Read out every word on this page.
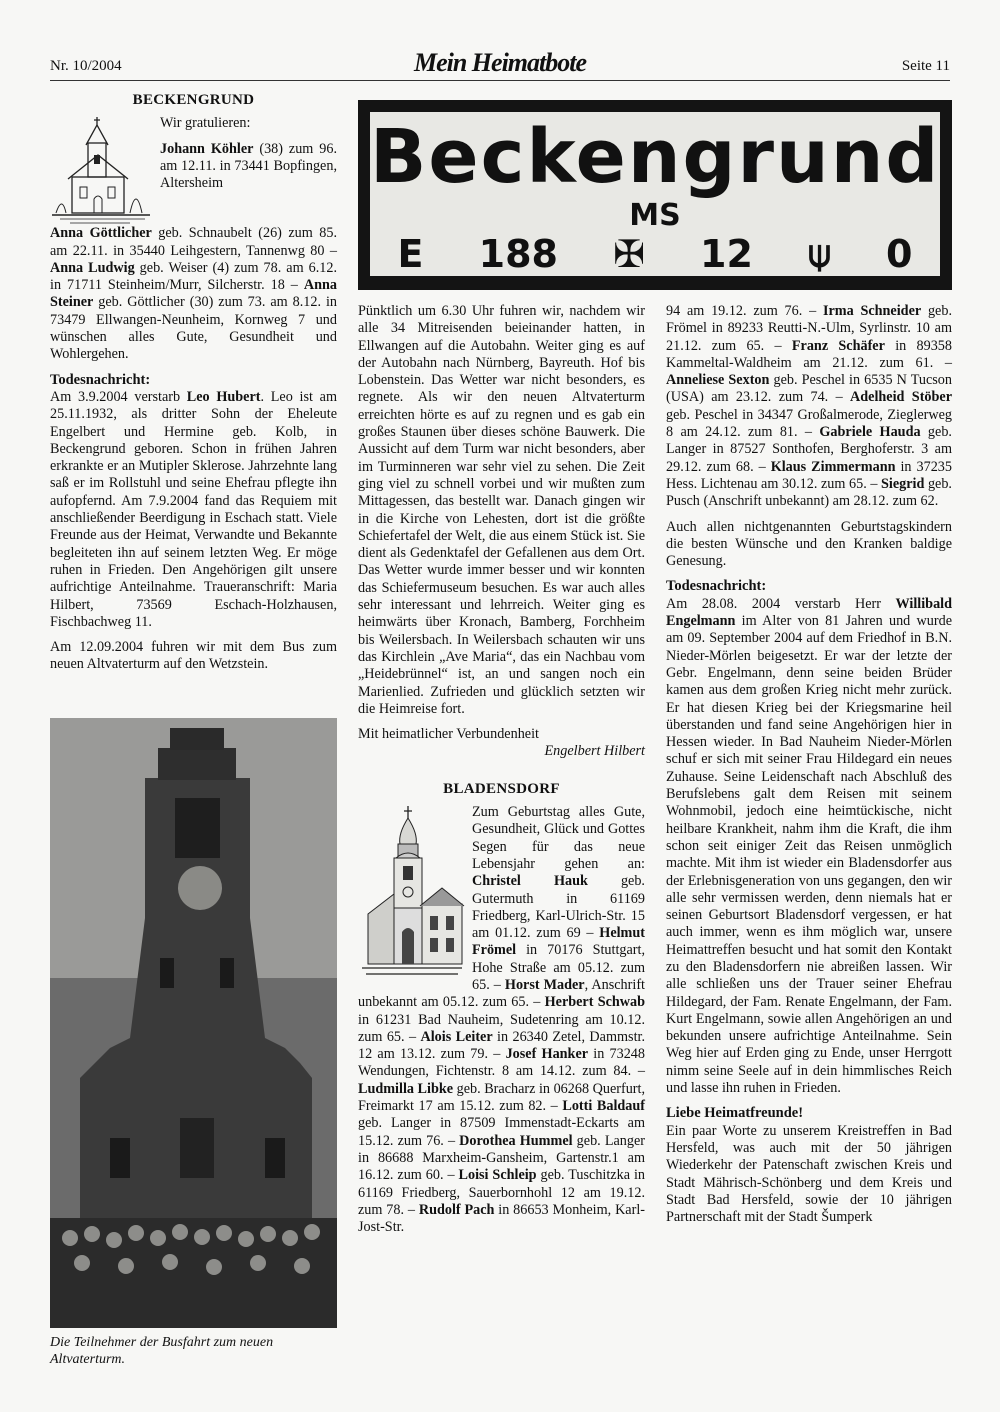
Nr. 10/2004	Mein Heimatbote	Seite 11
BECKENGRUND

Wir gratulieren:

Johann Köhler (38) zum 96. am 12.11. in 73441 Bopfingen, Altersheim

Anna Göttlicher geb. Schnaubelt (26) zum 85. am 22.11. in 35440 Leihgestern, Tannenwg 80 – Anna Ludwig geb. Weiser (4) zum 78. am 6.12. in 71711 Steinheim/Murr, Silcherstr. 18 – Anna Steiner geb. Göttlicher (30) zum 73. am 8.12. in 73479 Ellwangen-Neunheim, Kornweg 7 und wünschen alles Gute, Gesundheit und Wohlergehen.

Todesnachricht:

Am 3.9.2004 verstarb Leo Hubert. Leo ist am 25.11.1932, als dritter Sohn der Eheleute Engelbert und Hermine geb. Kolb, in Beckengrund geboren. Schon in frühen Jahren erkrankte er an Mutipler Sklerose. Jahrzehnte lang saß er im Rollstuhl und seine Ehefrau pflegte ihn aufopfernd. Am 7.9.2004 fand das Requiem mit anschließender Beerdigung in Eschach statt. Viele Freunde aus der Heimat, Verwandte und Bekannte begleiteten ihn auf seinem letzten Weg. Er möge ruhen in Frieden. Den Angehörigen gilt unsere aufrichtige Anteilnahme. Traueranschrift: Maria Hilbert, 73569 Eschach-Holzhausen, Fischbachweg 11.

Am 12.09.2004 fuhren wir mit dem Bus zum neuen Altvaterturm auf den Wetzstein.

Die Teilnehmer der Busfahrt zum neuen Altvaterturm.
Beckengrund
MS
E 188 ✠ 12 ⍦ 0

Pünktlich um 6.30 Uhr fuhren wir, nachdem wir alle 34 Mitreisenden beieinander hatten, in Ellwangen auf die Autobahn. Weiter ging es auf der Autobahn nach Nürnberg, Bayreuth. Hof bis Lobenstein. Das Wetter war nicht besonders, es regnete. Als wir den neuen Altvaterturm erreichten hörte es auf zu regnen und es gab ein großes Staunen über dieses schöne Bauwerk. Die Aussicht auf dem Turm war nicht besonders, aber im Turminneren war sehr viel zu sehen. Die Zeit ging viel zu schnell vorbei und wir mußten zum Mittagessen, das bestellt war. Danach gingen wir in die Kirche von Lehesten, dort ist die größte Schiefertafel der Welt, die aus einem Stück ist. Sie dient als Gedenktafel der Gefallenen aus dem Ort. Das Wetter wurde immer besser und wir konnten das Schiefermuseum besuchen. Es war auch alles sehr interessant und lehrreich. Weiter ging es heimwärts über Kronach, Bamberg, Forchheim bis Weilersbach. In Weilersbach schauten wir uns das Kirchlein „Ave Maria“, das ein Nachbau vom „Heidebrünnel“ ist, an und sangen noch ein Marienlied. Zufrieden und glücklich setzten wir die Heimreise fort.

Mit heimatlicher Verbundenheit

Engelbert Hilbert

BLADENSDORF

Zum Geburtstag alles Gute, Gesundheit, Glück und Gottes Segen für das neue Lebensjahr gehen an: Christel Hauk geb. Gutermuth in 61169 Friedberg, Karl-Ulrich-Str. 15 am 01.12. zum 69 – Helmut Frömel in 70176 Stuttgart, Hohe Straße am 05.12. zum 65. – Horst Mader, Anschrift unbekannt am 05.12. zum 65. – Herbert Schwab in 61231 Bad Nauheim, Sudetenring am 10.12. zum 65. – Alois Leiter in 26340 Zetel, Dammstr. 12 am 13.12. zum 79. – Josef Hanker in 73248 Wendungen, Fichtenstr. 8 am 14.12. zum 84. – Ludmilla Libke geb. Bracharz in 06268 Querfurt, Freimarkt 17 am 15.12. zum 82. – Lotti Baldauf geb. Langer in 87509 Immenstadt-Eckarts am 15.12. zum 76. – Dorothea Hummel geb. Langer in 86688 Marxheim-Gansheim, Gartenstr.1 am 16.12. zum 60. – Loisi Schleip geb. Tuschitzka in 61169 Friedberg, Sauerbornhohl 12 am 19.12. zum 78. – Rudolf Pach in 86653 Monheim, Karl-Jost-Str.

94 am 19.12. zum 76. – Irma Schneider geb. Frömel in 89233 Reutti-N.-Ulm, Syrlinstr. 10 am 21.12. zum 65. – Franz Schäfer in 89358 Kammeltal-Waldheim am 21.12. zum 61. – Anneliese Sexton geb. Peschel in 6535 N Tucson (USA) am 23.12. zum 74. – Adelheid Stöber geb. Peschel in 34347 Großalmerode, Zieglerweg 8 am 24.12. zum 81. – Gabriele Hauda geb. Langer in 87527 Sonthofen, Berghoferstr. 3 am 29.12. zum 68. – Klaus Zimmermann in 37235 Hess. Lichtenau am 30.12. zum 65. – Siegrid geb. Pusch (Anschrift unbekannt) am 28.12. zum 62.

Auch allen nichtgenannten Geburtstagskindern die besten Wünsche und den Kranken baldige Genesung.

Todesnachricht:

Am 28.08. 2004 verstarb Herr Willibald Engelmann im Alter von 81 Jahren und wurde am 09. September 2004 auf dem Friedhof in B.N. Nieder-Mörlen beigesetzt. Er war der letzte der Gebr. Engelmann, denn seine beiden Brüder kamen aus dem großen Krieg nicht mehr zurück. Er hat diesen Krieg bei der Kriegsmarine heil überstanden und fand seine Angehörigen hier in Hessen wieder. In Bad Nauheim Nieder-Mörlen schuf er sich mit seiner Frau Hildegard ein neues Zuhause. Seine Leidenschaft nach Abschluß des Berufslebens galt dem Reisen mit seinem Wohnmobil, jedoch eine heimtückische, nicht heilbare Krankheit, nahm ihm die Kraft, die ihm schon seit einiger Zeit das Reisen unmöglich machte. Mit ihm ist wieder ein Bladensdorfer aus der Erlebnisgeneration von uns gegangen, den wir alle sehr vermissen werden, denn niemals hat er seinen Geburtsort Bladensdorf vergessen, er hat auch immer, wenn es ihm möglich war, unsere Heimattreffen besucht und hat somit den Kontakt zu den Bladensdorfern nie abreißen lassen. Wir alle schließen uns der Trauer seiner Ehefrau Hildegard, der Fam. Renate Engelmann, der Fam. Kurt Engelmann, sowie allen Angehörigen an und bekunden unsere aufrichtige Anteilnahme. Sein Weg hier auf Erden ging zu Ende, unser Herrgott nimm seine Seele auf in dein himmlisches Reich und lasse ihn ruhen in Frieden.

Liebe Heimatfreunde!

Ein paar Worte zu unserem Kreistreffen in Bad Hersfeld, was auch mit der 50 jährigen Wiederkehr der Patenschaft zwischen Kreis und Stadt Mährisch-Schönberg und dem Kreis und Stadt Bad Hersfeld, sowie der 10 jährigen Partnerschaft mit der Stadt Šumperk
